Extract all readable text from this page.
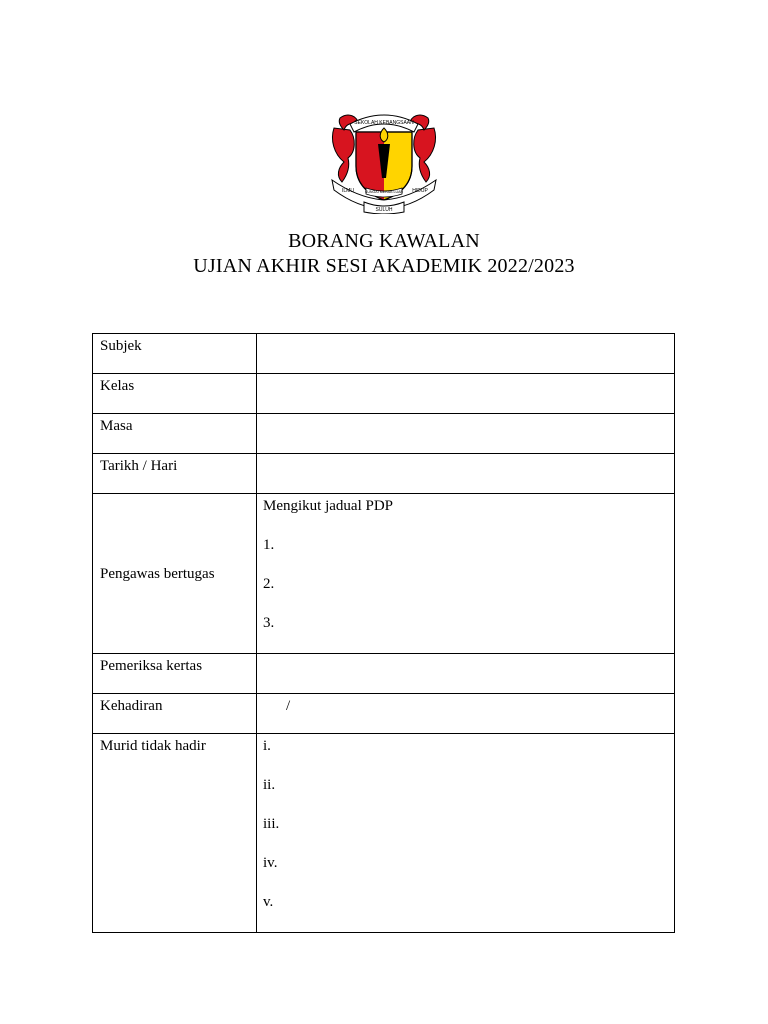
SEKOLAH KEBANGSAAN
SUNGAI MERAB LUAR
ILMU	HIDUP
SULUH
BORANG KAWALAN
UJIAN AKHIR SESI AKADEMIK 2022/2023
Subjek	
Kelas	
Masa	
Tarikh / Hari	
Pengawas bertugas	Mengikut jadual PDP
1.
2.
3.

Pemeriksa kertas	
Kehadiran	/
Murid tidak hadir	i.
ii.
iii.
iv.
v.
